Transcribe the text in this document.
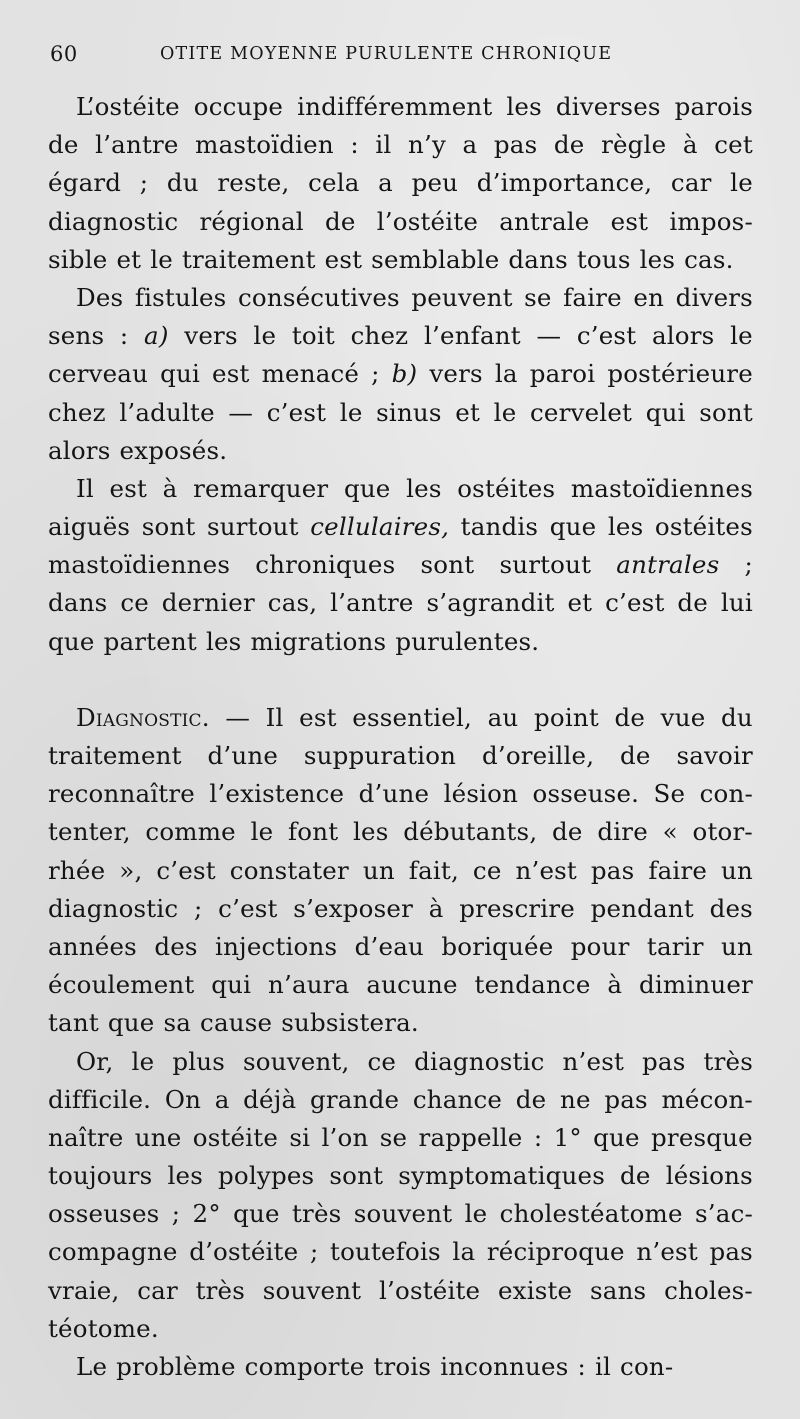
60	OTITE MOYENNE PURULENTE CHRONIQUE
L’ostéite occupe indifféremment les diverses parois
de l’antre mastoïdien : il n’y a pas de règle à cet
égard ; du reste, cela a peu d’importance, car le
diagnostic régional de l’ostéite antrale est impos-
sible et le traitement est semblable dans tous les cas.
Des fistules consécutives peuvent se faire en divers
sens : a) vers le toit chez l’enfant — c’est alors le
cerveau qui est menacé ; b) vers la paroi postérieure
chez l’adulte — c’est le sinus et le cervelet qui sont
alors exposés.
Il est à remarquer que les ostéites mastoïdiennes
aiguës sont surtout cellulaires, tandis que les ostéites
mastoïdiennes chroniques sont surtout antrales ;
dans ce dernier cas, l’antre s’agrandit et c’est de lui
que partent les migrations purulentes.
Diagnostic. — Il est essentiel, au point de vue du
traitement d’une suppuration d’oreille, de savoir
reconnaître l’existence d’une lésion osseuse. Se con-
tenter, comme le font les débutants, de dire « otor-
rhée », c’est constater un fait, ce n’est pas faire un
diagnostic ; c’est s’exposer à prescrire pendant des
années des injections d’eau boriquée pour tarir un
écoulement qui n’aura aucune tendance à diminuer
tant que sa cause subsistera.
Or, le plus souvent, ce diagnostic n’est pas très
difficile. On a déjà grande chance de ne pas mécon-
naître une ostéite si l’on se rappelle : 1° que presque
toujours les polypes sont symptomatiques de lésions
osseuses ; 2° que très souvent le cholestéatome s’ac-
compagne d’ostéite ; toutefois la réciproque n’est pas
vraie, car très souvent l’ostéite existe sans choles-
téotome.
Le problème comporte trois inconnues : il con-
